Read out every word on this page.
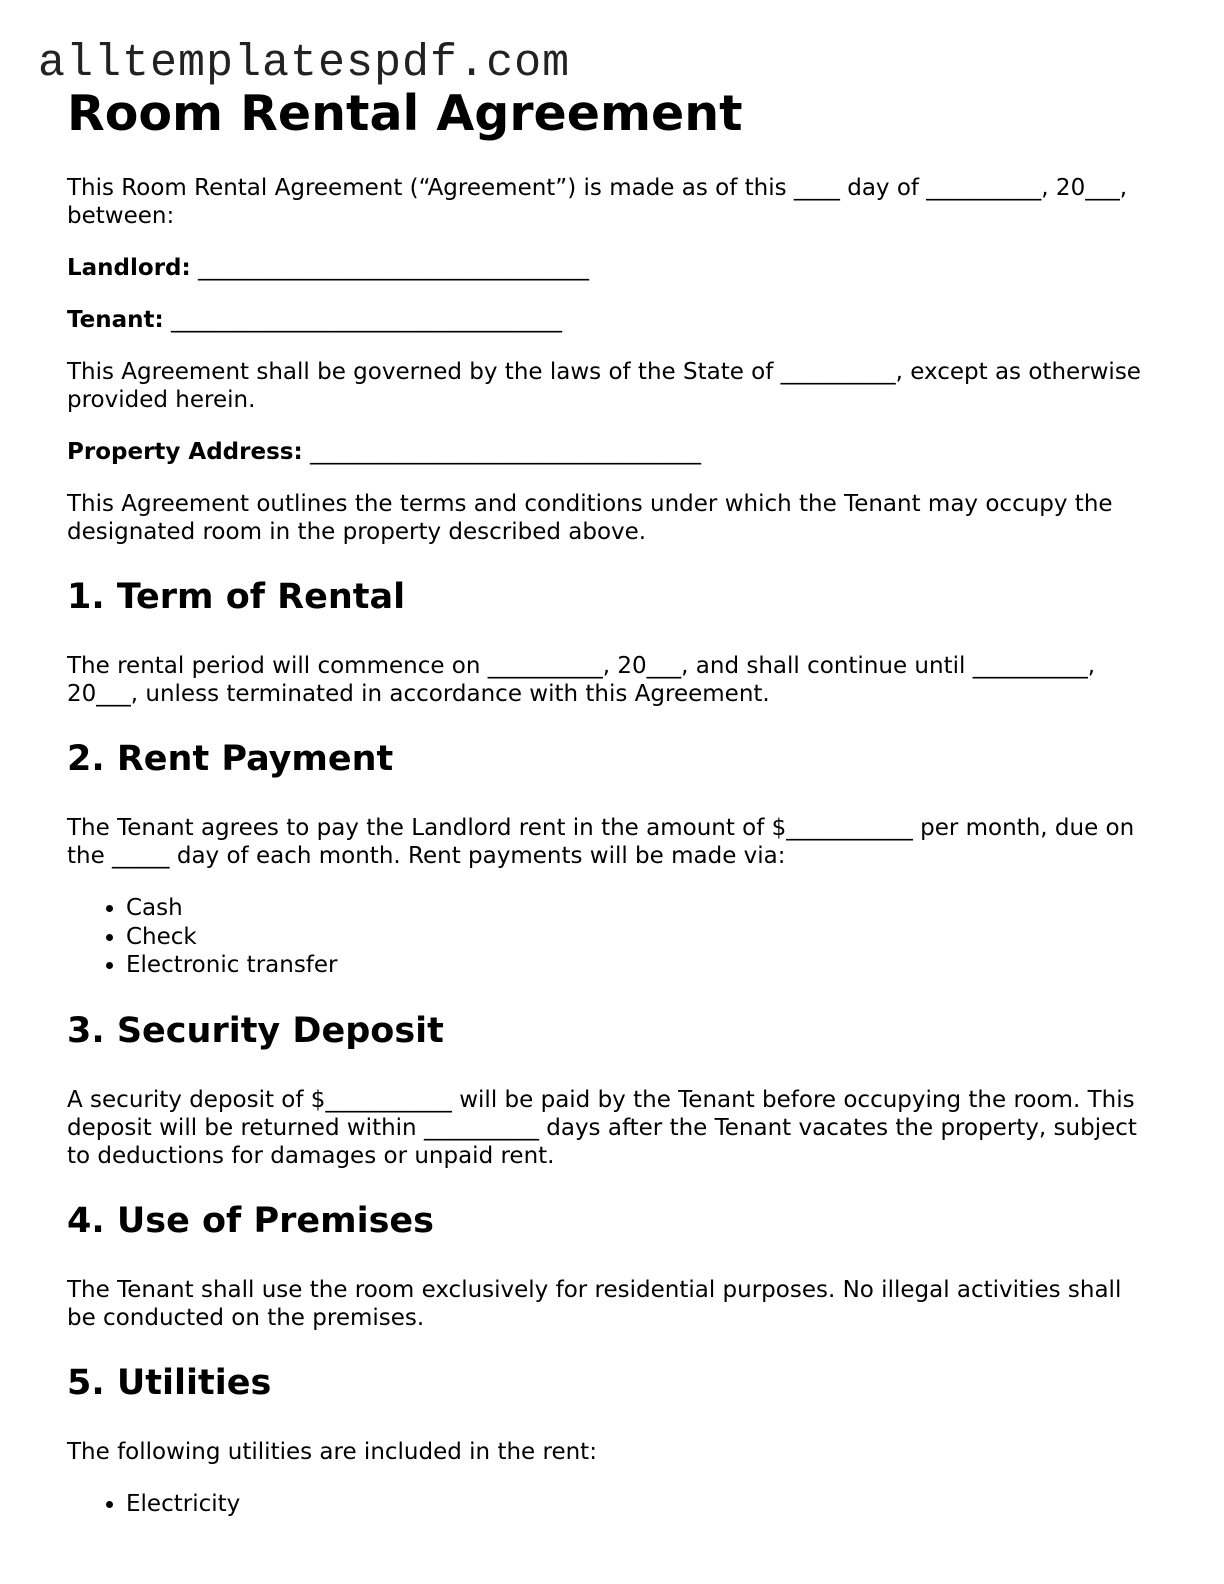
alltemplatespdf.com
Room Rental Agreement

This Room Rental Agreement (“Agreement”) is made as of this ____ day of __________, 20___, between:

Landlord: __________________________________

Tenant: __________________________________

This Agreement shall be governed by the laws of the State of __________, except as otherwise provided herein.

Property Address: __________________________________

This Agreement outlines the terms and conditions under which the Tenant may occupy the designated room in the property described above.

1. Term of Rental

The rental period will commence on __________, 20___, and shall continue until __________, 20___, unless terminated in accordance with this Agreement.

2. Rent Payment

The Tenant agrees to pay the Landlord rent in the amount of $___________ per month, due on the _____ day of each month. Rent payments will be made via:

• Cash
• Check
• Electronic transfer
3. Security Deposit

A security deposit of $___________ will be paid by the Tenant before occupying the room. This deposit will be returned within __________ days after the Tenant vacates the property, subject to deductions for damages or unpaid rent.

4. Use of Premises

The Tenant shall use the room exclusively for residential purposes. No illegal activities shall be conducted on the premises.

5. Utilities

The following utilities are included in the rent:

• Electricity
